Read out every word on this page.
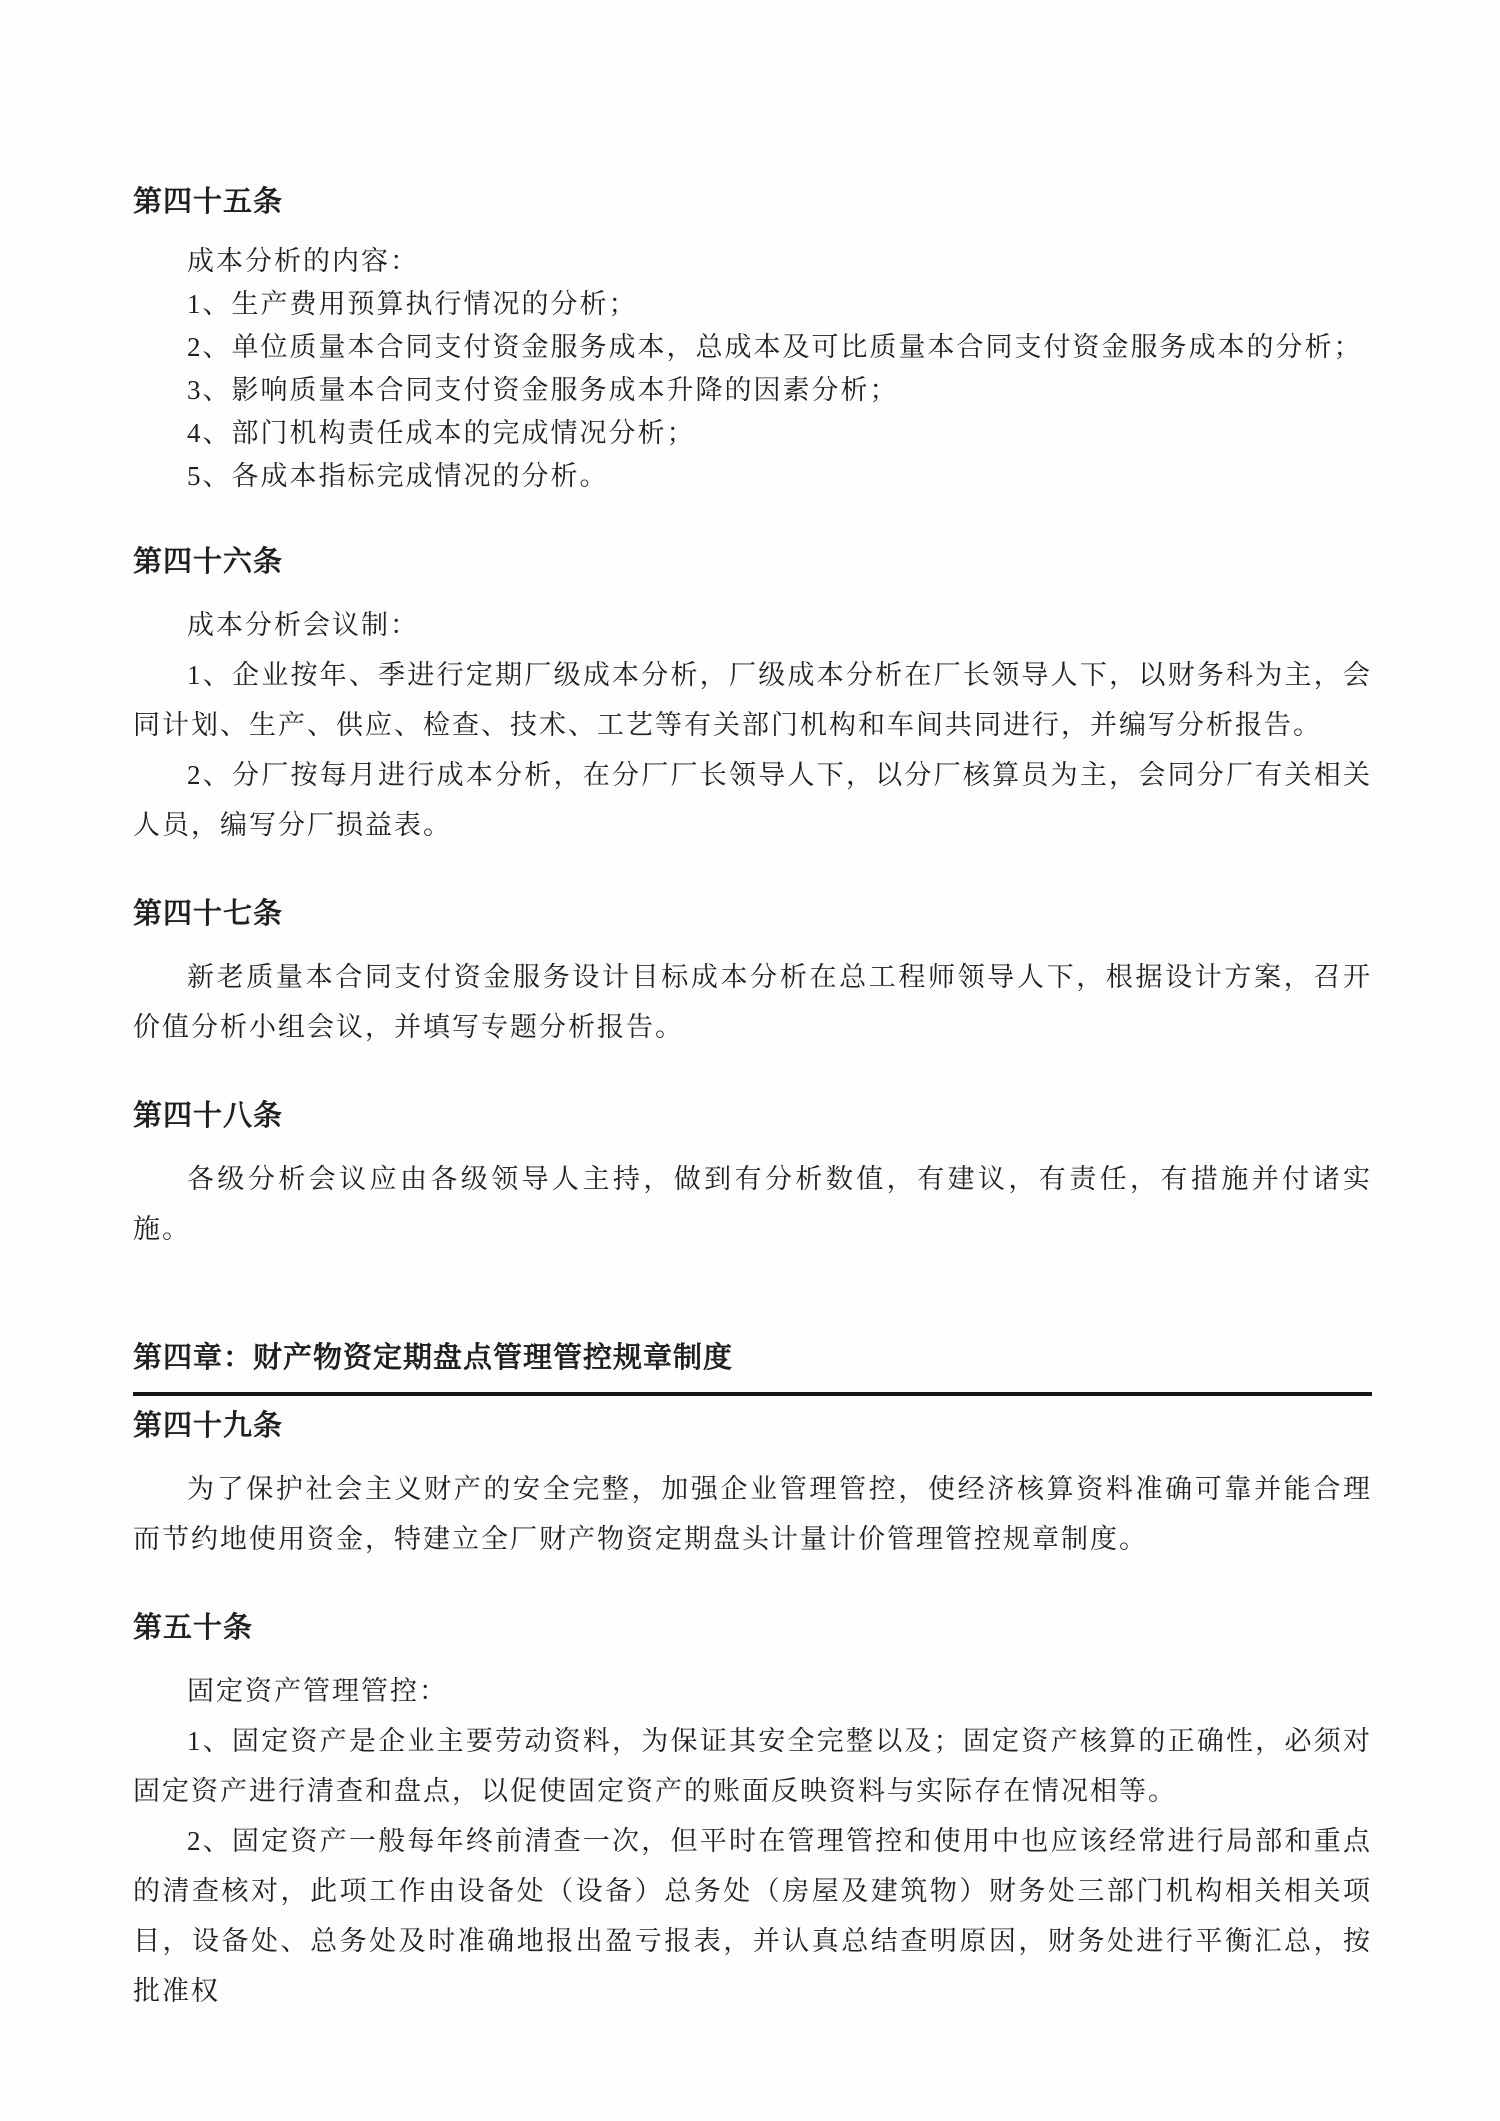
第四十五条

成本分析的内容：

1、生产费用预算执行情况的分析；

2、单位质量本合同支付资金服务成本，总成本及可比质量本合同支付资金服务成本的分析；

3、影响质量本合同支付资金服务成本升降的因素分析；

4、部门机构责任成本的完成情况分析；

5、各成本指标完成情况的分析。

第四十六条

成本分析会议制：

1、企业按年、季进行定期厂级成本分析，厂级成本分析在厂长领导人下，以财务科为主，会同计划、生产、供应、检查、技术、工艺等有关部门机构和车间共同进行，并编写分析报告。

2、分厂按每月进行成本分析，在分厂厂长领导人下，以分厂核算员为主，会同分厂有关相关人员，编写分厂损益表。

第四十七条

新老质量本合同支付资金服务设计目标成本分析在总工程师领导人下，根据设计方案，召开价值分析小组会议，并填写专题分析报告。

第四十八条

各级分析会议应由各级领导人主持，做到有分析数值，有建议，有责任，有措施并付诸实施。

第四章：财产物资定期盘点管理管控规章制度
第四十九条

为了保护社会主义财产的安全完整，加强企业管理管控，使经济核算资料准确可靠并能合理而节约地使用资金，特建立全厂财产物资定期盘头计量计价管理管控规章制度。

第五十条

固定资产管理管控：

1、固定资产是企业主要劳动资料，为保证其安全完整以及；固定资产核算的正确性，必须对固定资产进行清查和盘点，以促使固定资产的账面反映资料与实际存在情况相等。

2、固定资产一般每年终前清查一次，但平时在管理管控和使用中也应该经常进行局部和重点的清查核对，此项工作由设备处（设备）总务处（房屋及建筑物）财务处三部门机构相关相关项目，设备处、总务处及时准确地报出盈亏报表，并认真总结查明原因，财务处进行平衡汇总，按批准权
